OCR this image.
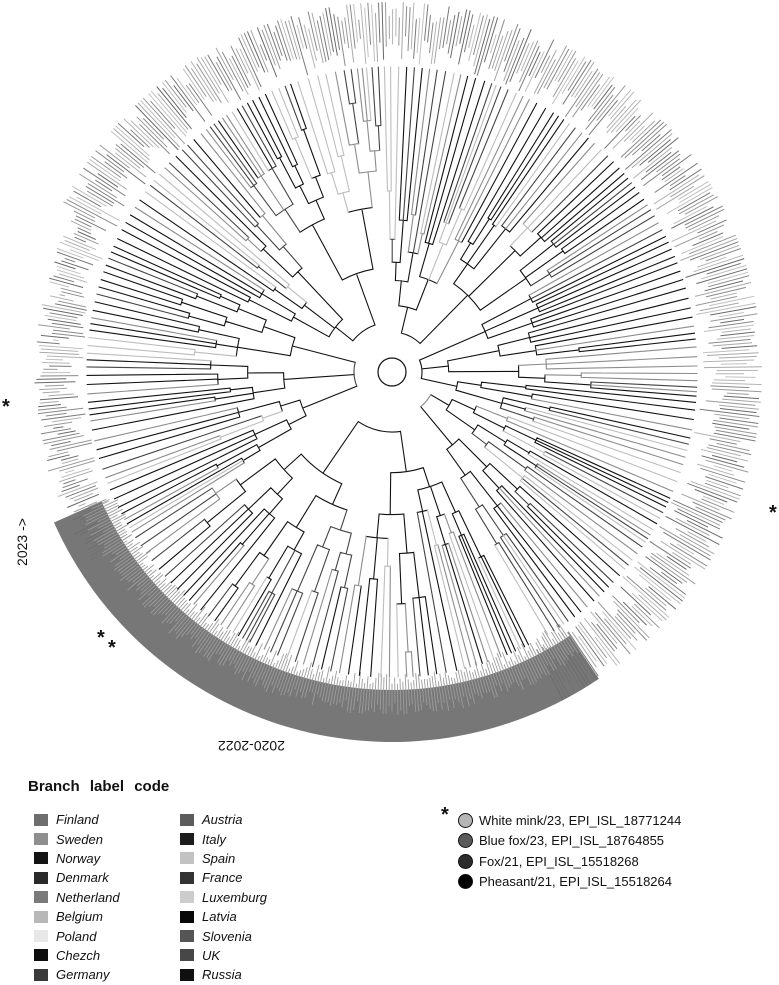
2023 ->
2020-2022
*
* *
*
Branch label code
Finland
Sweden
Norway
Denmark
Netherland
Belgium
Poland
Chezch
Germany
Austria
Italy
Spain
France
Luxemburg
Latvia
Slovenia
UK
Russia
* White mink/23, EPI_ISL_18771244
Blue fox/23, EPI_ISL_18764855
Fox/21, EPI_ISL_15518268
Pheasant/21, EPI_ISL_15518264
